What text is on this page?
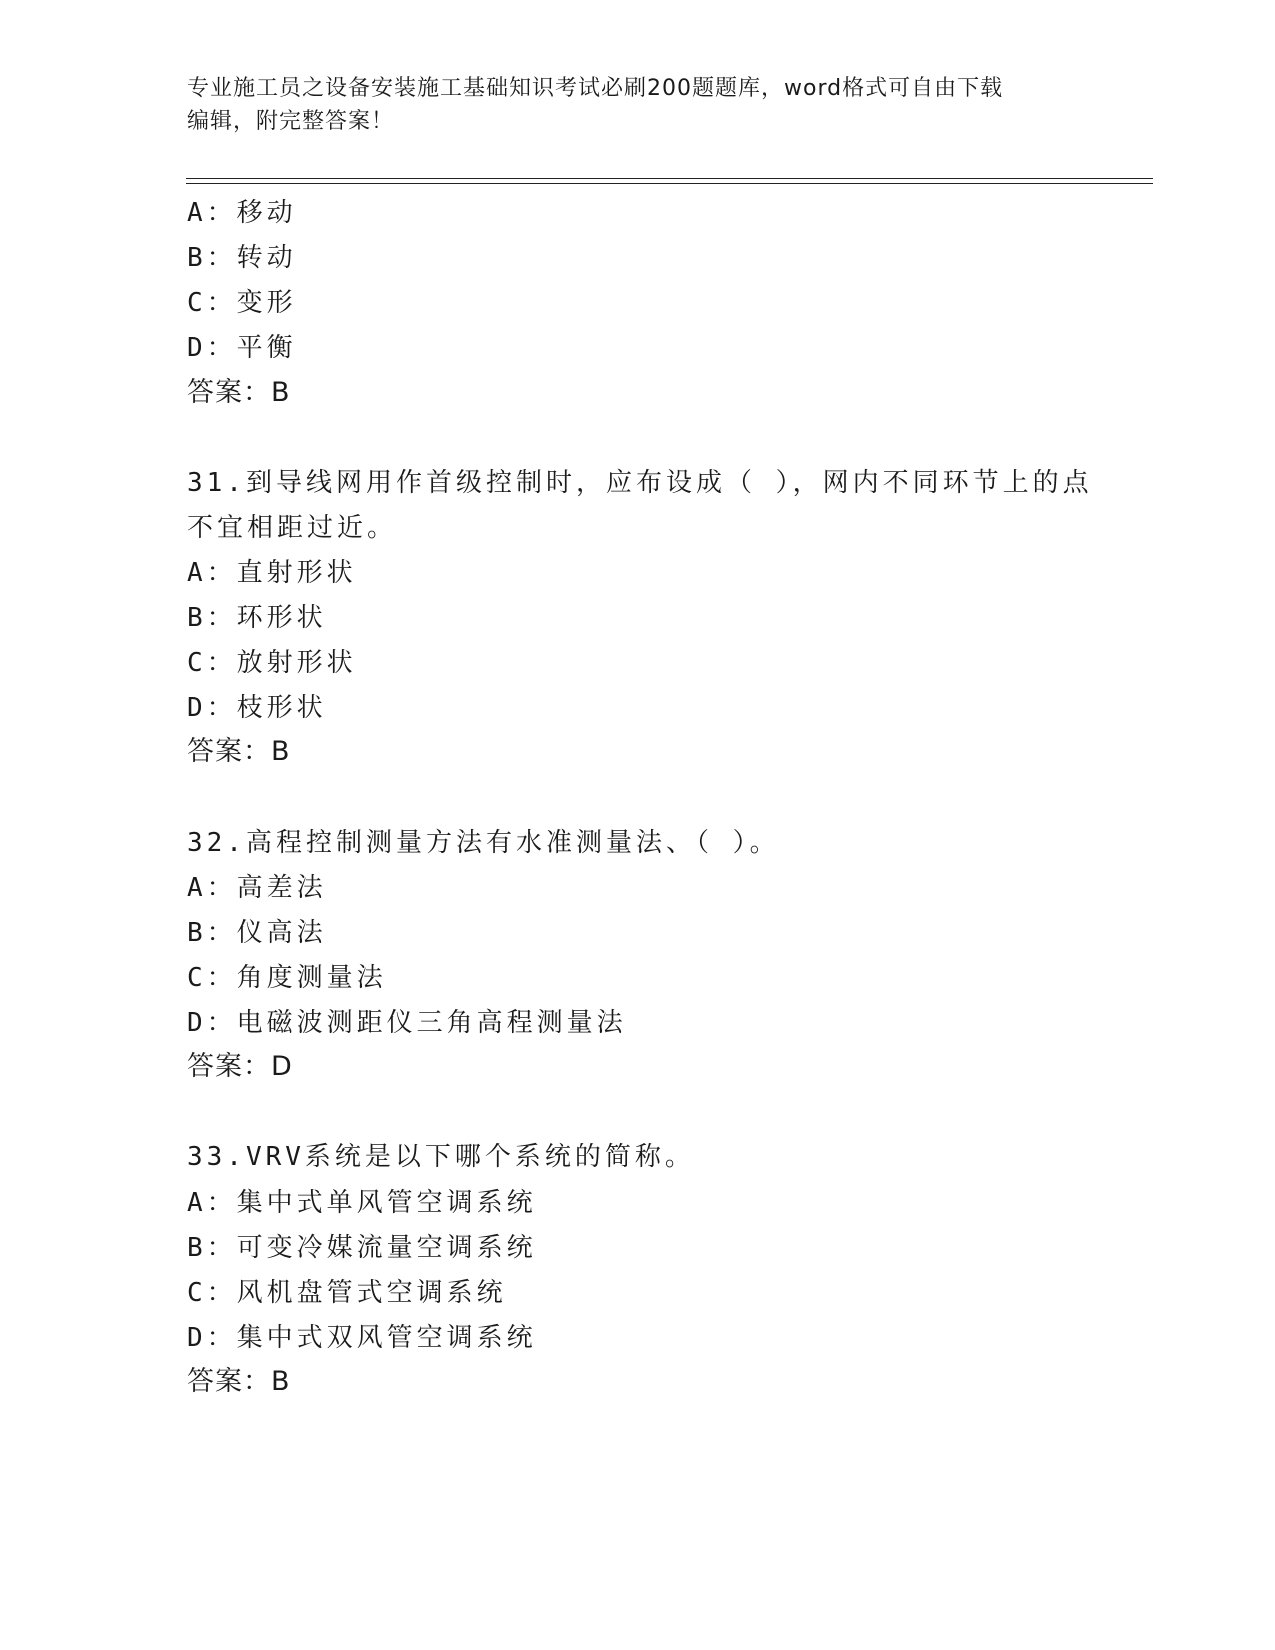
专业施工员之设备安装施工基础知识考试必刷200题题库，word格式可自由下载
编辑，附完整答案！
A：移动
B：转动
C：变形
D：平衡
答案：B
31.到导线网用作首级控制时，应布设成（ ），网内不同环节上的点
不宜相距过近。
A：直射形状
B：环形状
C：放射形状
D：枝形状
答案：B
32.高程控制测量方法有水准测量法、（ ）。
A：高差法
B：仪高法
C：角度测量法
D：电磁波测距仪三角高程测量法
答案：D
33.VRV系统是以下哪个系统的简称。
A：集中式单风管空调系统
B：可变冷媒流量空调系统
C：风机盘管式空调系统
D：集中式双风管空调系统
答案：B
